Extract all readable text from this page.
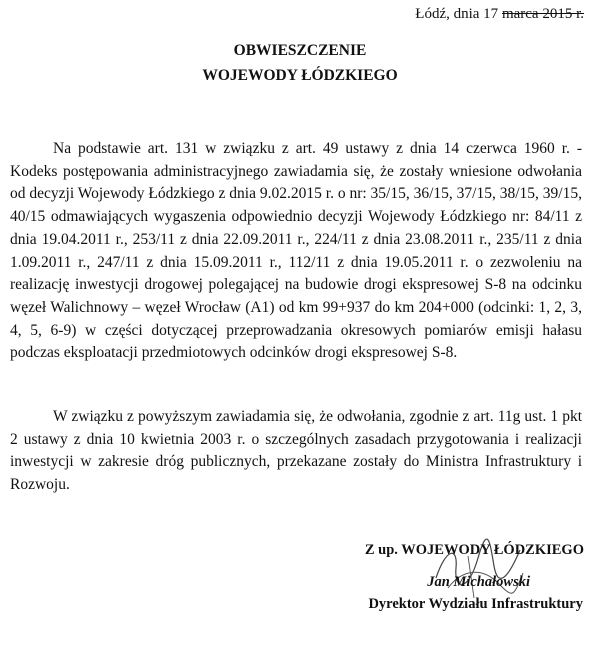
Łódź, dnia 17 marca 2015 r.
OBWIESZCZENIE
WOJEWODY ŁÓDZKIEGO
Na podstawie art. 131 w związku z art. 49 ustawy z dnia 14 czerwca 1960 r. - Kodeks postępowania administracyjnego zawiadamia się, że zostały wniesione odwołania od decyzji Wojewody Łódzkiego z dnia 9.02.2015 r. o nr: 35/15, 36/15, 37/15, 38/15, 39/15, 40/15 odmawiających wygaszenia odpowiednio decyzji Wojewody Łódzkiego nr: 84/11 z dnia 19.04.2011 r., 253/11 z dnia 22.09.2011 r., 224/11 z dnia 23.08.2011 r., 235/11 z dnia 1.09.2011 r., 247/11 z dnia 15.09.2011 r., 112/11 z dnia 19.05.2011 r. o zezwoleniu na realizację inwestycji drogowej polegającej na budowie drogi ekspresowej S-8 na odcinku węzeł Walichnowy – węzeł Wrocław (A1) od km 99+937 do km 204+000 (odcinki: 1, 2, 3, 4, 5, 6-9) w części dotyczącej przeprowadzania okresowych pomiarów emisji hałasu podczas eksploatacji przedmiotowych odcinków drogi ekspresowej S-8.
W związku z powyższym zawiadamia się, że odwołania, zgodnie z art. 11g ust. 1 pkt 2 ustawy z dnia 10 kwietnia 2003 r. o szczególnych zasadach przygotowania i realizacji inwestycji w zakresie dróg publicznych, przekazane zostały do Ministra Infrastruktury i Rozwoju.
Z up. WOJEWODY ŁÓDZKIEGO
Jan Michałowski
Dyrektor Wydziału Infrastruktury
